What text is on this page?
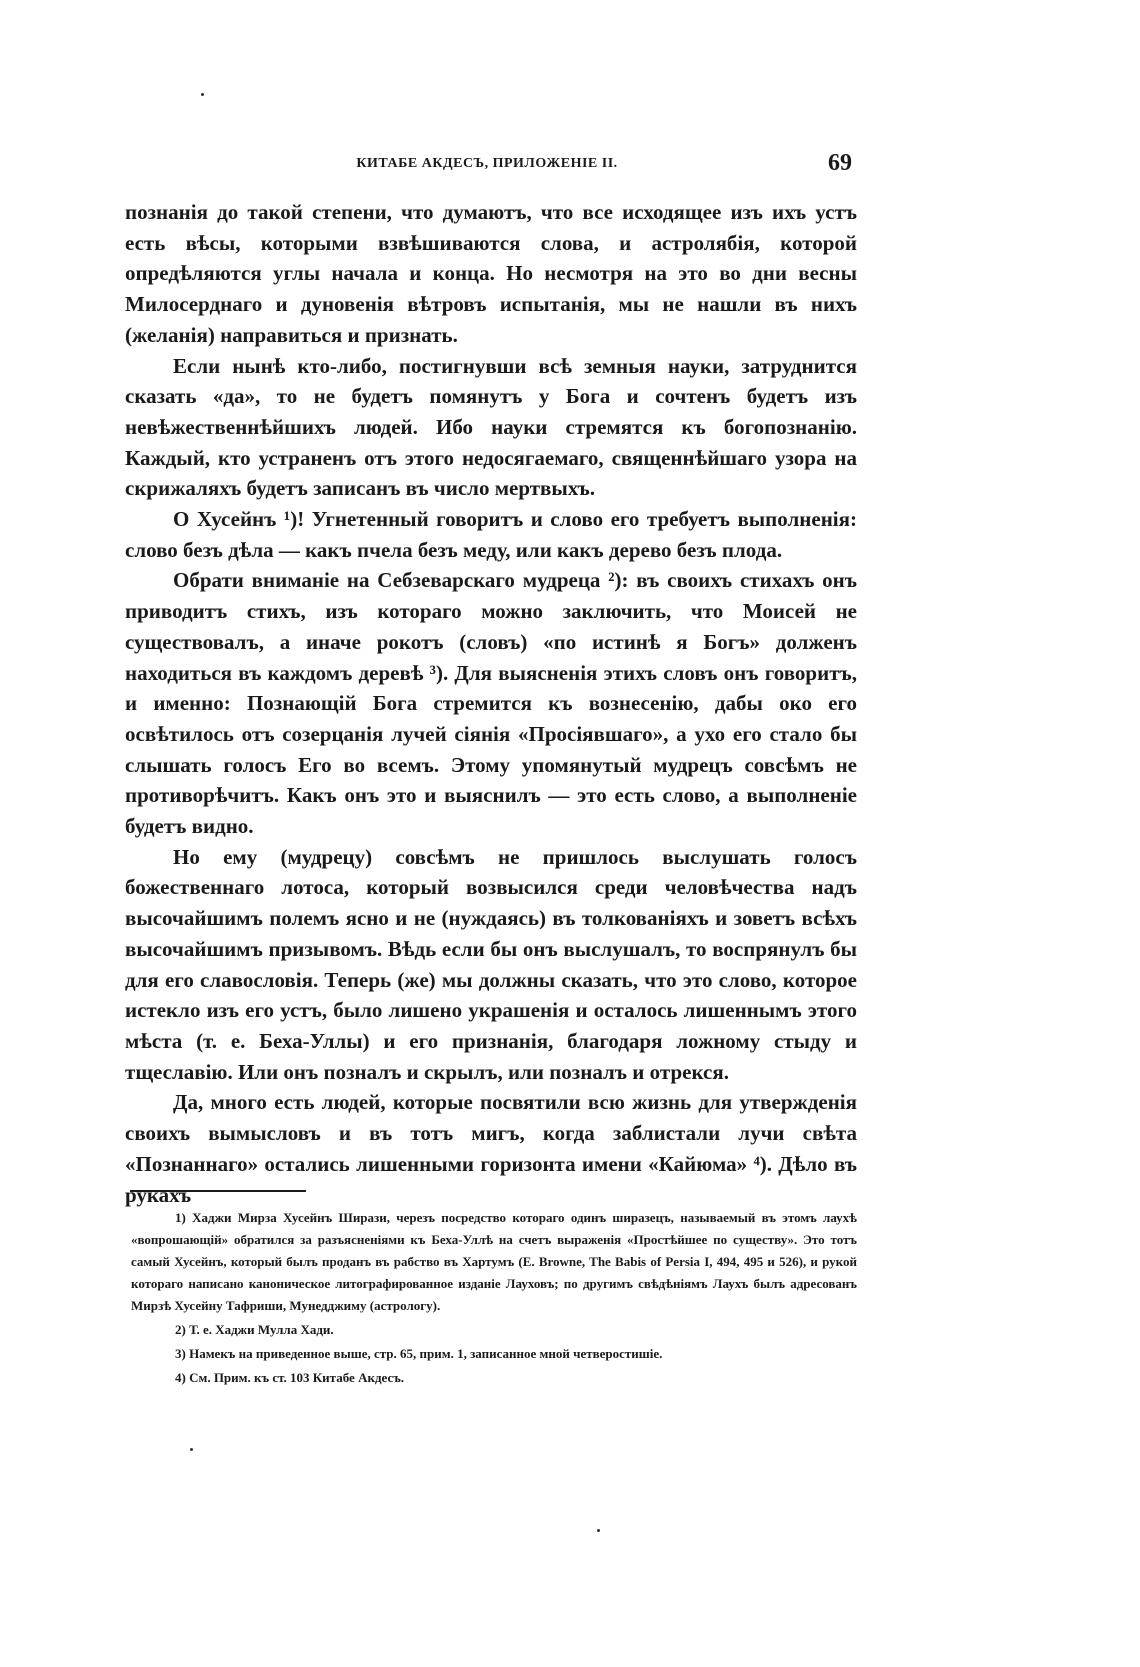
КИТАБЕ АКДЕСЪ, ПРИЛОЖЕНIЕ II.	69

познанія до такой степени, что думаютъ, что все исходящее изъ ихъ устъ есть вѣсы, которыми взвѣшиваются слова, и астролябія, которой опредѣляются углы начала и конца. Но несмотря на это во дни весны Милосерднаго и дуновенія вѣтровъ испытанія, мы не нашли въ нихъ (желанія) направиться и признать.

Если нынѣ кто-либо, постигнувши всѣ земныя науки, затруднится сказать «да», то не будетъ помянутъ у Бога и сочтенъ будетъ изъ невѣжественнѣйшихъ людей. Ибо науки стремятся къ богопознанію. Каждый, кто устраненъ отъ этого недосягаемаго, священнѣйшаго узора на скрижаляхъ будетъ записанъ въ число мертвыхъ.

О Хусейнъ ¹)! Угнетенный говоритъ и слово его требуетъ выполненія: слово безъ дѣла — какъ пчела безъ меду, или какъ дерево безъ плода.

Обрати вниманіе на Себзеварскаго мудреца ²): въ своихъ стихахъ онъ приводитъ стихъ, изъ котораго можно заключить, что Моисей не существовалъ, а иначе рокотъ (словъ) «по истинѣ я Богъ» долженъ находиться въ каждомъ деревѣ ³). Для выясненія этихъ словъ онъ говоритъ, и именно: Познающій Бога стремится къ вознесенію, дабы око его освѣтилось отъ созерцанія лучей сіянія «Просіявшаго», а ухо его стало бы слышать голосъ Его во всемъ. Этому упомянутый мудрецъ совсѣмъ не противорѣчитъ. Какъ онъ это и выяснилъ — это есть слово, а выполненіе будетъ видно.

Но ему (мудрецу) совсѣмъ не пришлось выслушать голосъ божественнаго лотоса, который возвысился среди человѣчества надъ высочайшимъ полемъ ясно и не (нуждаясь) въ толкованіяхъ и зоветъ всѣхъ высочайшимъ призывомъ. Вѣдь если бы онъ выслушалъ, то воспрянулъ бы для его славословія. Теперь (же) мы должны сказать, что это слово, которое истекло изъ его устъ, было лишено украшенія и осталось лишеннымъ этого мѣста (т. е. Беха-Уллы) и его признанія, благодаря ложному стыду и тщеславію. Или онъ позналъ и скрылъ, или позналъ и отрекся.

Да, много есть людей, которые посвятили всю жизнь для утвержденія своихъ вымысловъ и въ тотъ мигъ, когда заблистали лучи свѣта «Познаннаго» остались лишенными горизонта имени «Кайюма» ⁴). Дѣло въ рукахъ

1) Хаджи Мирза Хусейнъ Ширази, черезъ посредство котораго одинъ ширазецъ, называемый въ этомъ лаухѣ «вопрошающій» обратился за разъясненіями къ Беха-Уллѣ на счетъ выраженія «Простѣйшее по существу». Это тотъ самый Хусейнъ, который былъ проданъ въ рабство въ Хартумъ (E. Browne, The Babis of Persia I, 494, 495 и 526), и рукой котораго написано каноническое литографированное изданіе Лауховъ; по другимъ свѣдѣніямъ Лаухъ былъ адресованъ Мирзѣ Хусейну Тафриши, Мунедджиму (астрологу).

2) Т. е. Хаджи Мулла Хади.

3) Намекъ на приведенное выше, стр. 65, прим. 1, записанное мной четверостишіе.

4) См. Прим. къ ст. 103 Китабе Акдесъ.
